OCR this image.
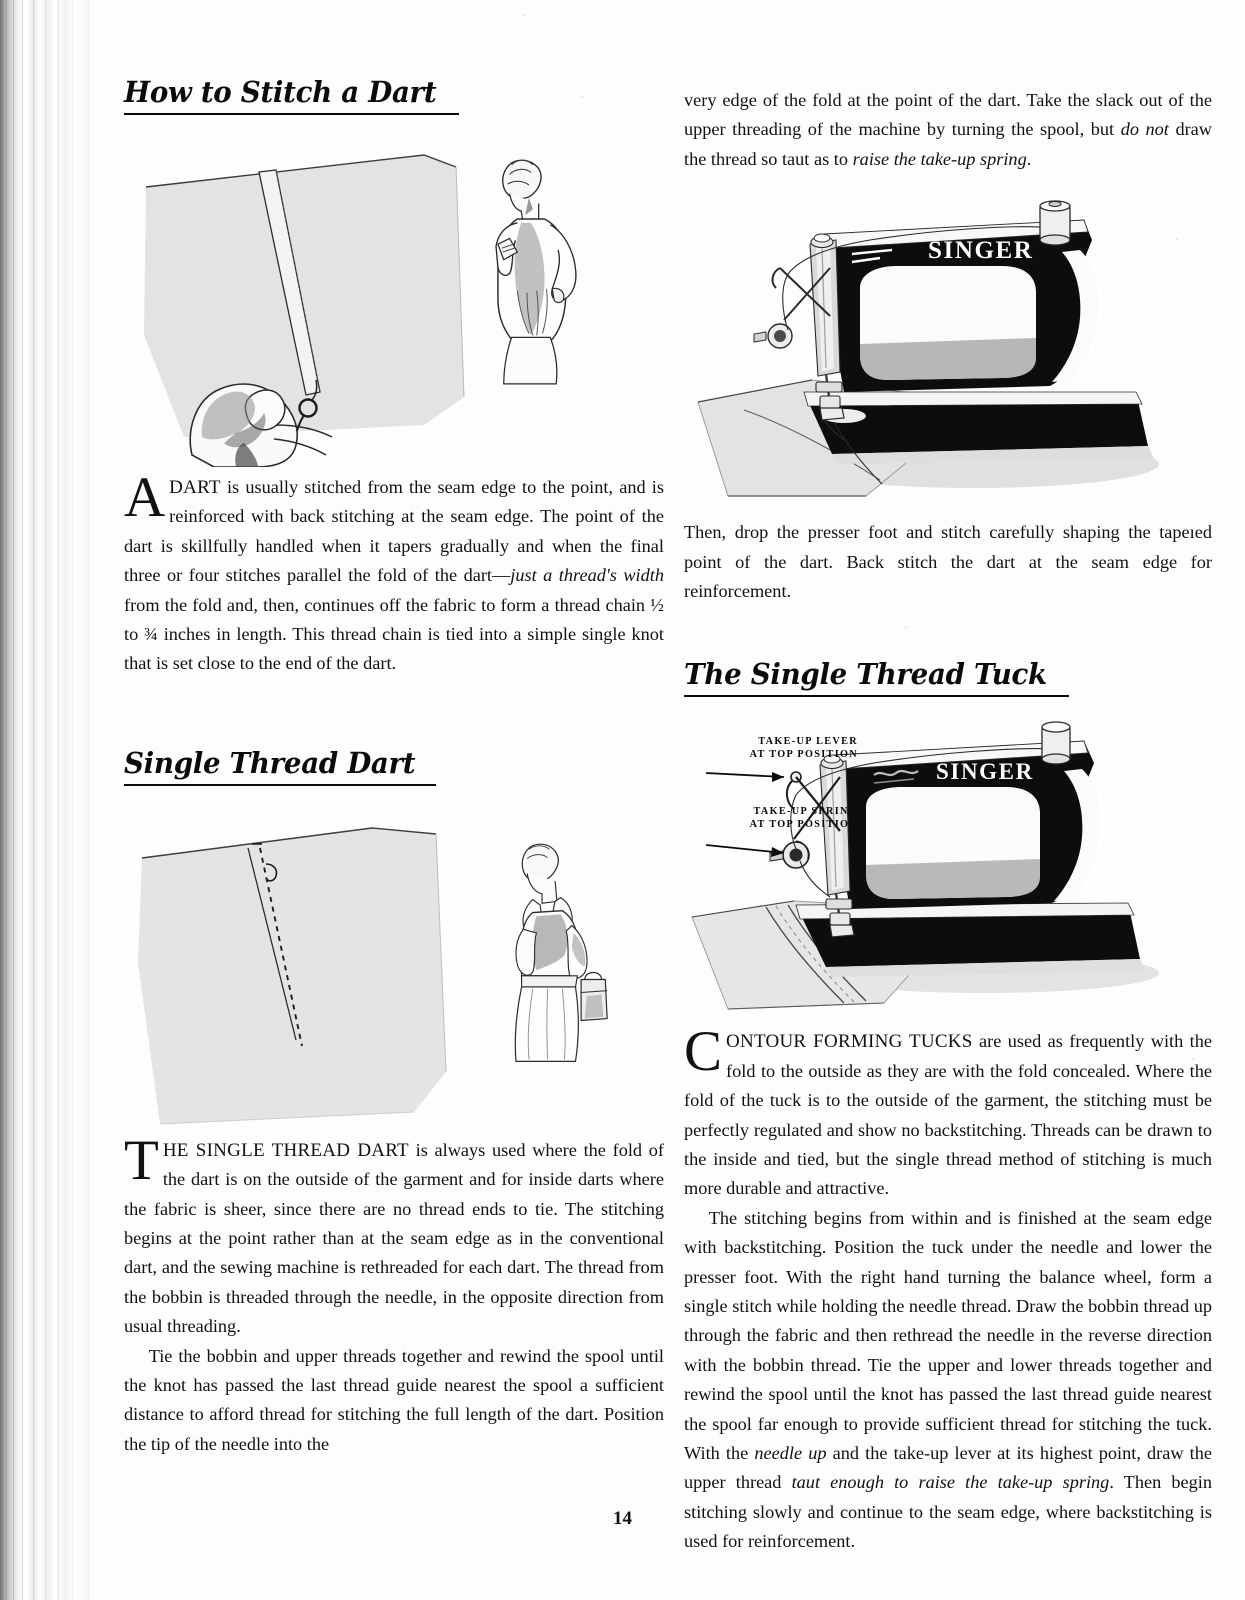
How to Stitch a Dart

A DART is usually stitched from the seam edge to the point, and is reinforced with back stitching at the seam edge. The point of the dart is skillfully handled when it tapers gradually and when the final three or four stitches parallel the fold of the dart—just a thread's width from the fold and, then, continues off the fabric to form a thread chain ½ to ¾ inches in length. This thread chain is tied into a simple single knot that is set close to the end of the dart.

Single Thread Dart

T HE SINGLE THREAD DART is always used where the fold of the dart is on the outside of the garment and for inside darts where the fabric is sheer, since there are no thread ends to tie. The stitching begins at the point rather than at the seam edge as in the conventional dart, and the sewing machine is rethreaded for each dart. The thread from the bobbin is threaded through the needle, in the opposite direction from usual threading.

Tie the bobbin and upper threads together and rewind the spool until the knot has passed the last thread guide nearest the spool a sufficient distance to afford thread for stitching the full length of the dart. Position the tip of the needle into the

very edge of the fold at the point of the dart. Take the slack out of the upper threading of the machine by turning the spool, but do not draw the thread so taut as to raise the take-up spring.

SINGER

Then, drop the presser foot and stitch carefully shaping the tapeıed point of the dart. Back stitch the dart at the seam edge for reinforcement.

The Single Thread Tuck
SINGER
TAKE-UP LEVER
AT TOP POSITION
TAKE-UP SPRING
AT TOP POSITION

C ONTOUR FORMING TUCKS are used as frequently with the fold to the outside as they are with the fold concealed. Where the fold of the tuck is to the outside of the garment, the stitching must be perfectly regulated and show no backstitching. Threads can be drawn to the inside and tied, but the single thread method of stitching is much more durable and attractive.

The stitching begins from within and is finished at the seam edge with backstitching. Position the tuck under the needle and lower the presser foot. With the right hand turning the balance wheel, form a single stitch while holding the needle thread. Draw the bobbin thread up through the fabric and then rethread the needle in the reverse direction with the bobbin thread. Tie the upper and lower threads together and rewind the spool until the knot has passed the last thread guide nearest the spool far enough to provide sufficient thread for stitching the tuck. With the needle up and the take-up lever at its highest point, draw the upper thread taut enough to raise the take-up spring. Then begin stitching slowly and continue to the seam edge, where backstitching is used for reinforcement.

14
